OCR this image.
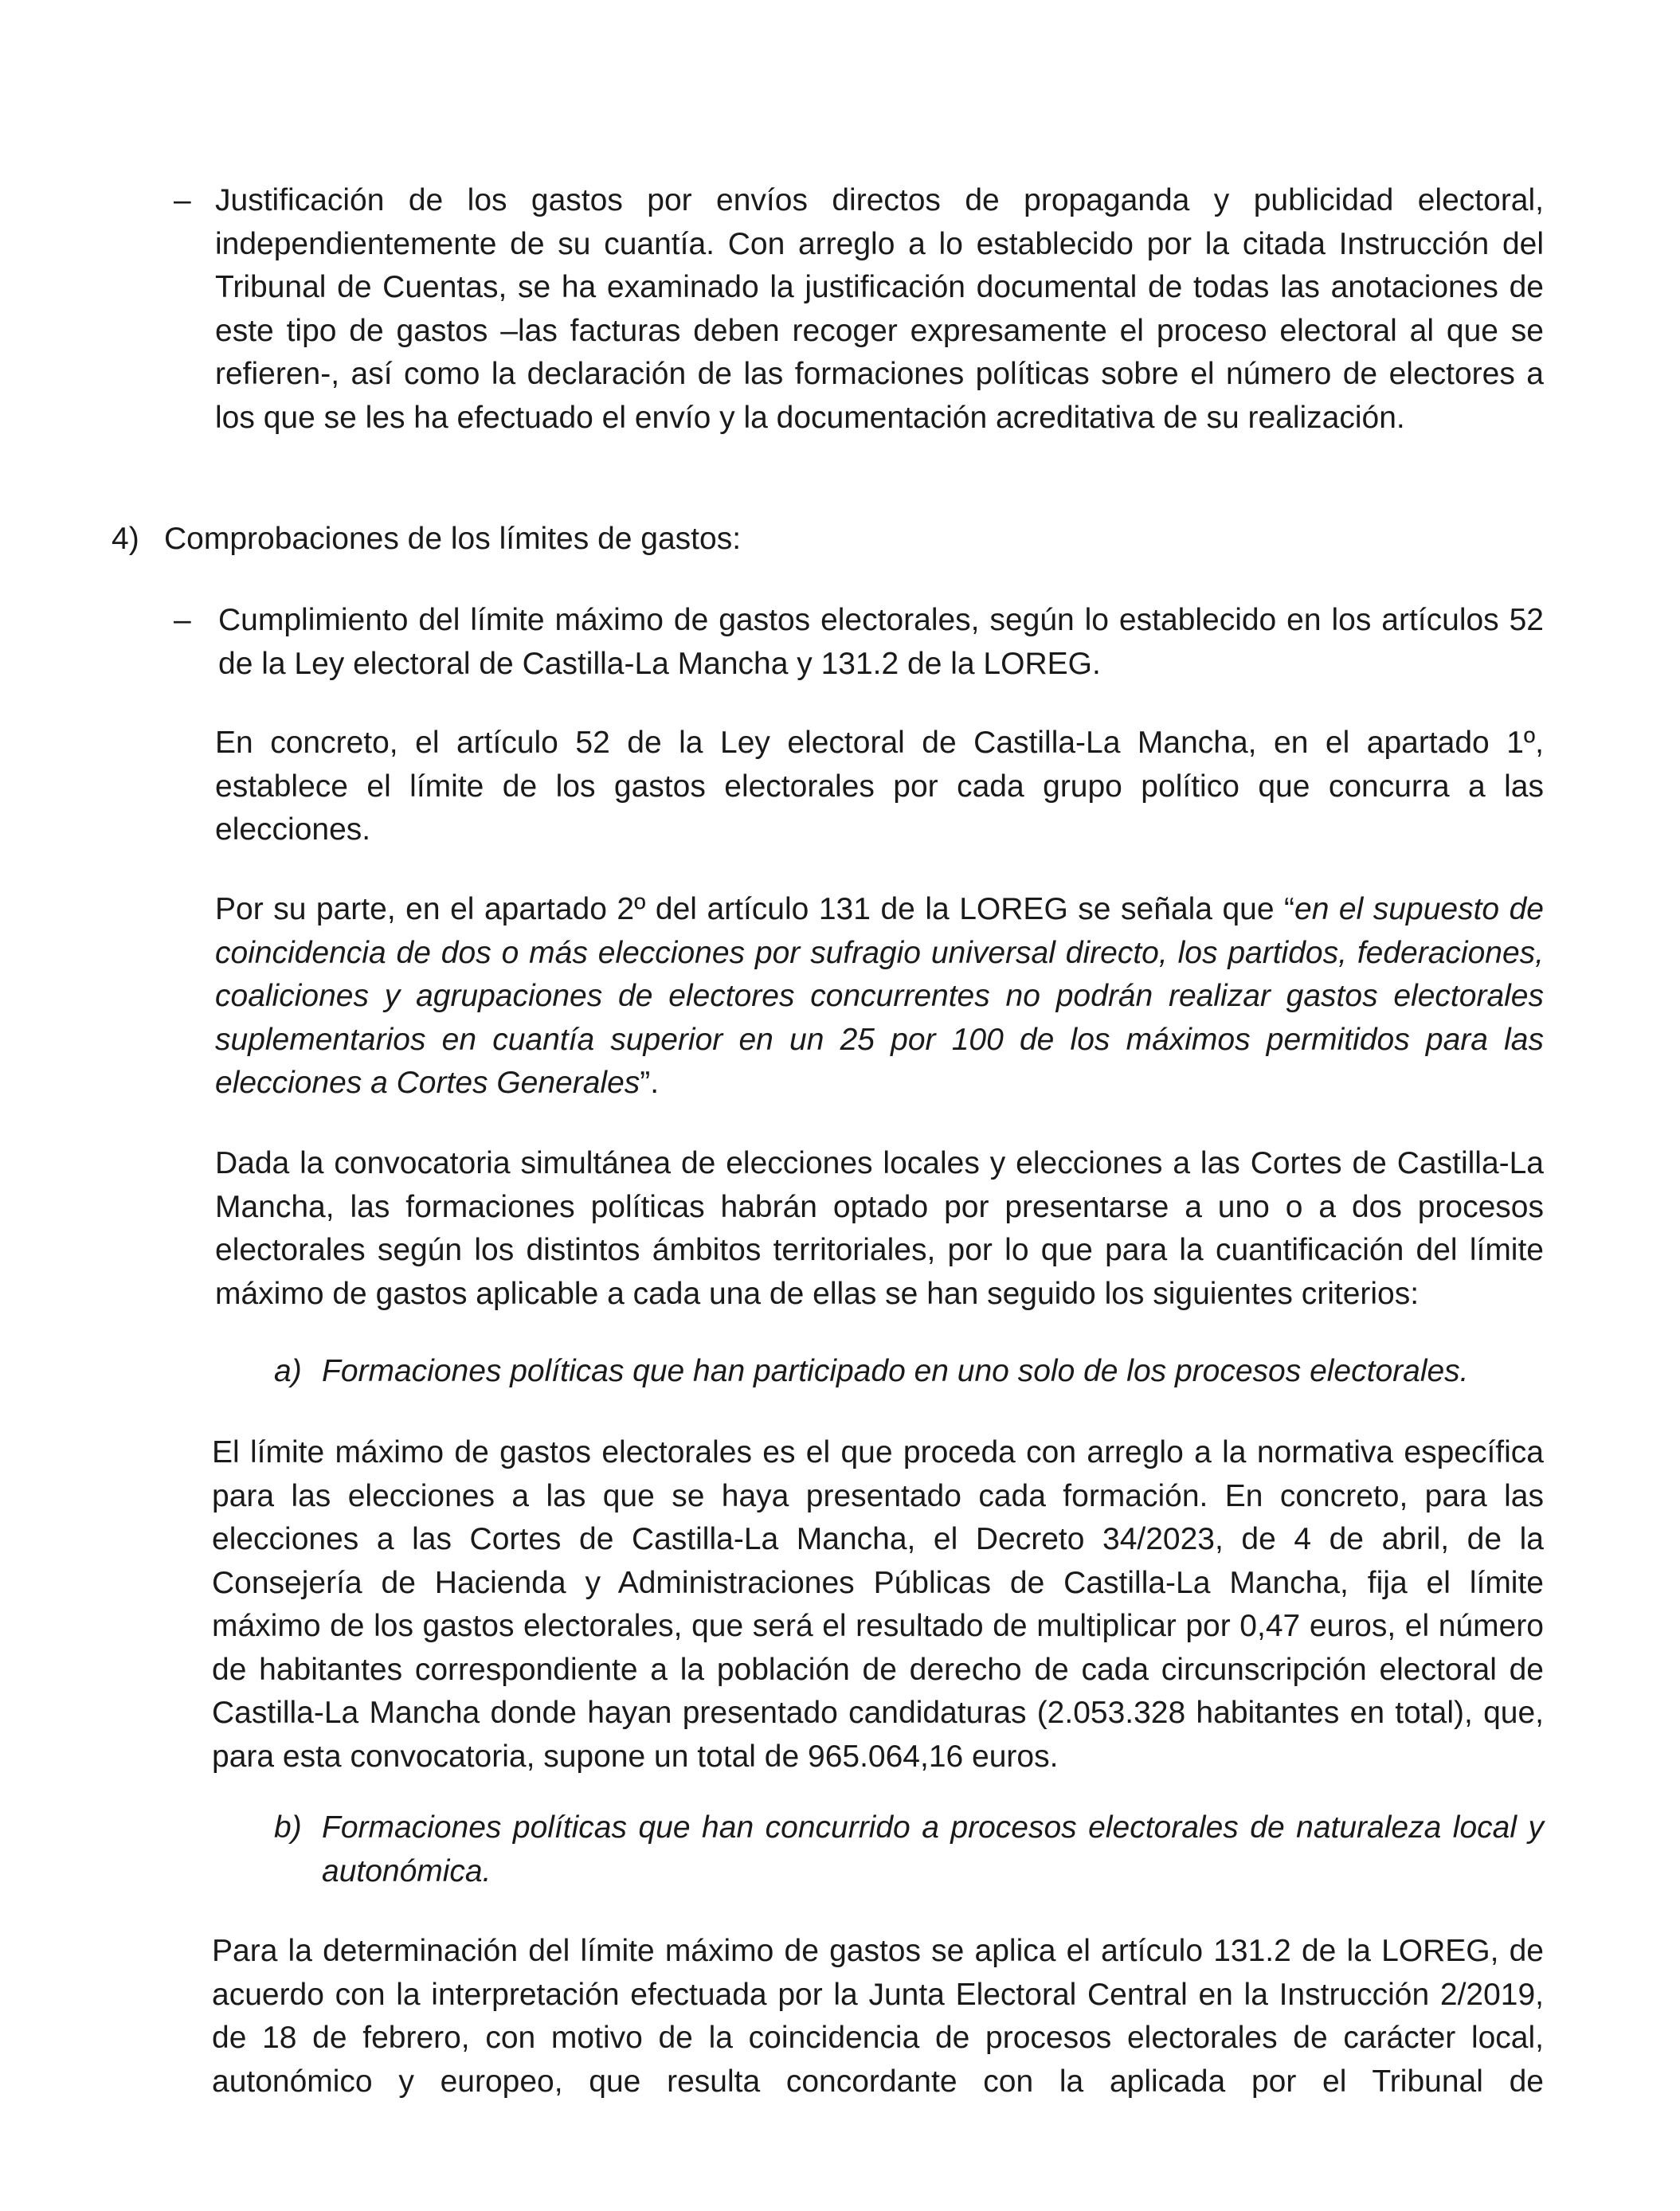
– Justificación de los gastos por envíos directos de propaganda y publicidad electoral, independientemente de su cuantía. Con arreglo a lo establecido por la citada Instrucción del Tribunal de Cuentas, se ha examinado la justificación documental de todas las anotaciones de este tipo de gastos –las facturas deben recoger expresamente el proceso electoral al que se refieren-, así como la declaración de las formaciones políticas sobre el número de electores a los que se les ha efectuado el envío y la documentación acreditativa de su realización.

4) Comprobaciones de los límites de gastos:

– Cumplimiento del límite máximo de gastos electorales, según lo establecido en los artículos 52 de la Ley electoral de Castilla-La Mancha y 131.2 de la LOREG.

En concreto, el artículo 52 de la Ley electoral de Castilla-La Mancha, en el apartado 1º, establece el límite de los gastos electorales por cada grupo político que concurra a las elecciones.

Por su parte, en el apartado 2º del artículo 131 de la LOREG se señala que “en el supuesto de coincidencia de dos o más elecciones por sufragio universal directo, los partidos, federaciones, coaliciones y agrupaciones de electores concurrentes no podrán realizar gastos electorales suplementarios en cuantía superior en un 25 por 100 de los máximos permitidos para las elecciones a Cortes Generales”.

Dada la convocatoria simultánea de elecciones locales y elecciones a las Cortes de Castilla-La Mancha, las formaciones políticas habrán optado por presentarse a uno o a dos procesos electorales según los distintos ámbitos territoriales, por lo que para la cuantificación del límite máximo de gastos aplicable a cada una de ellas se han seguido los siguientes criterios:

a) Formaciones políticas que han participado en uno solo de los procesos electorales.

El límite máximo de gastos electorales es el que proceda con arreglo a la normativa específica para las elecciones a las que se haya presentado cada formación. En concreto, para las elecciones a las Cortes de Castilla-La Mancha, el Decreto 34/2023, de 4 de abril, de la Consejería de Hacienda y Administraciones Públicas de Castilla-La Mancha, fija el límite máximo de los gastos electorales, que será el resultado de multiplicar por 0,47 euros, el número de habitantes correspondiente a la población de derecho de cada circunscripción electoral de Castilla-La Mancha donde hayan presentado candidaturas (2.053.328 habitantes en total), que, para esta convocatoria, supone un total de 965.064,16 euros.

b) Formaciones políticas que han concurrido a procesos electorales de naturaleza local y autonómica.

Para la determinación del límite máximo de gastos se aplica el artículo 131.2 de la LOREG, de acuerdo con la interpretación efectuada por la Junta Electoral Central en la Instrucción 2/2019, de 18 de febrero, con motivo de la coincidencia de procesos electorales de carácter local, autonómico y europeo, que resulta concordante con la aplicada por el Tribunal de
